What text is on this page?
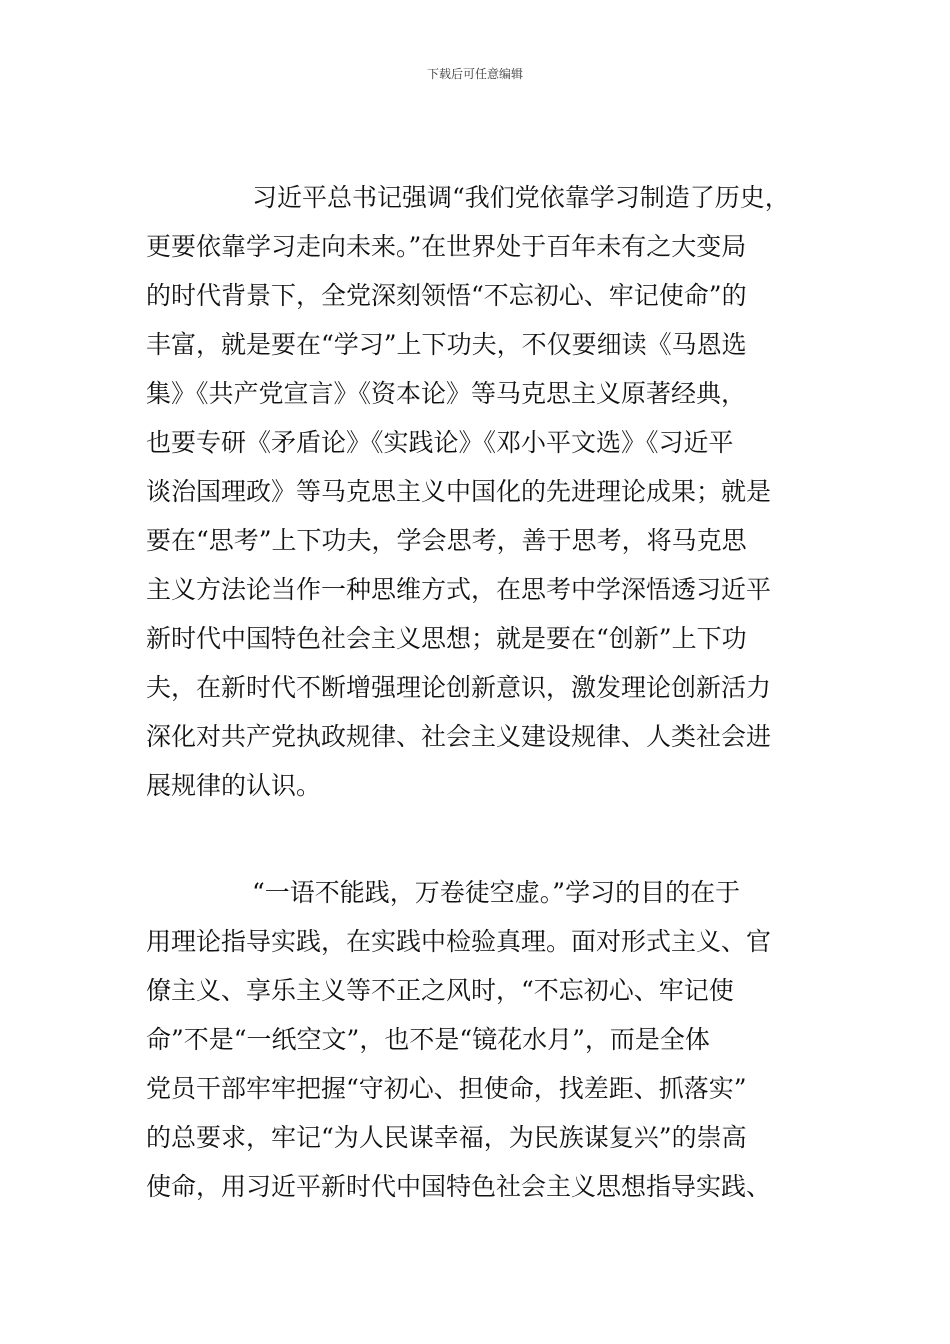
下载后可任意编辑
习近平总书记强调“我们党依靠学习制造了历史，
更要依靠学习走向未来。”在世界处于百年未有之大变局
的时代背景下，全党深刻领悟“不忘初心、牢记使命”的
丰富，就是要在“学习”上下功夫，不仅要细读《马恩选
集》《共产党宣言》《资本论》等马克思主义原著经典，
也要专研《矛盾论》《实践论》《邓小平文选》《习近平
谈治国理政》等马克思主义中国化的先进理论成果；就是
要在“思考”上下功夫，学会思考，善于思考，将马克思
主义方法论当作一种思维方式，在思考中学深悟透习近平
新时代中国特色社会主义思想；就是要在“创新”上下功
夫，在新时代不断增强理论创新意识，激发理论创新活力
深化对共产党执政规律、社会主义建设规律、人类社会进
展规律的认识。
“一语不能践，万卷徒空虚。”学习的目的在于
用理论指导实践，在实践中检验真理。面对形式主义、官
僚主义、享乐主义等不正之风时，“不忘初心、牢记使
命”不是“一纸空文”，也不是“镜花水月”，而是全体
党员干部牢牢把握“守初心、担使命，找差距、抓落实”
的总要求，牢记“为人民谋幸福，为民族谋复兴”的崇高
使命，用习近平新时代中国特色社会主义思想指导实践、
